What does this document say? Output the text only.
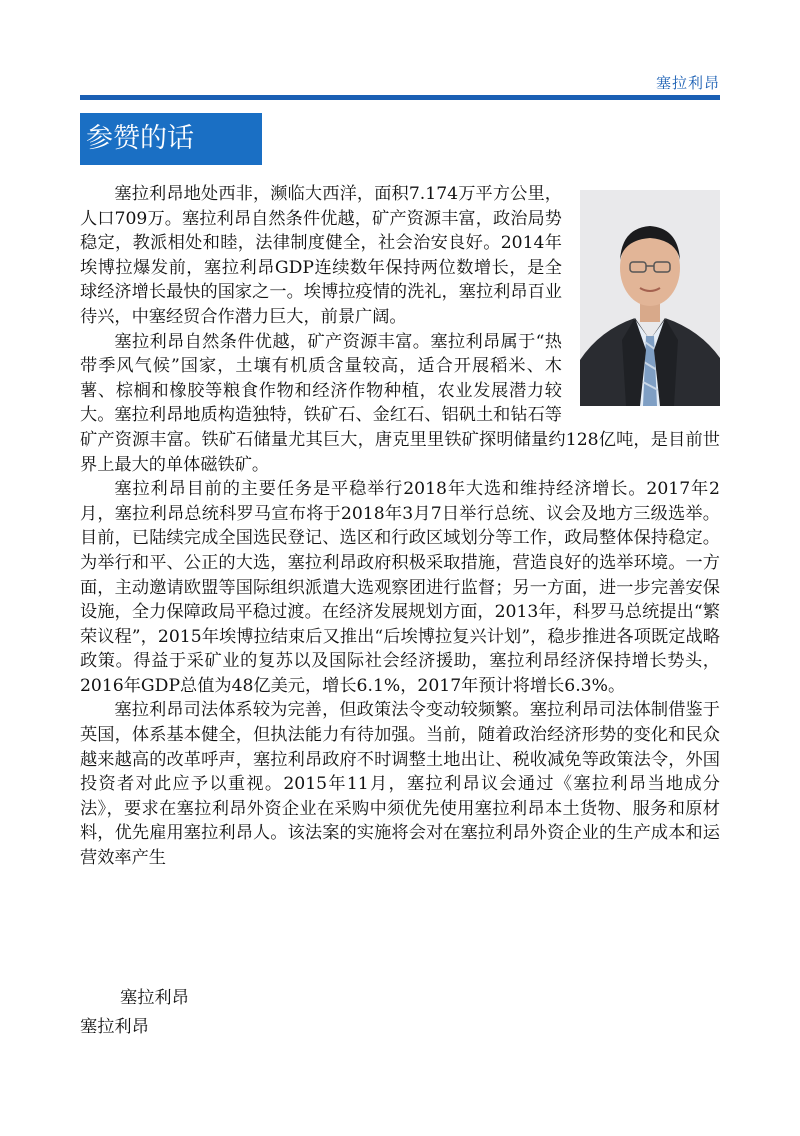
塞拉利昂
参赞的话

塞拉利昂地处西非，濒临大西洋，面积7.174万平方公里，人口709万。塞拉利昂自然条件优越，矿产资源丰富，政治局势稳定，教派相处和睦，法律制度健全，社会治安良好。2014年埃博拉爆发前，塞拉利昂GDP连续数年保持两位数增长，是全球经济增长最快的国家之一。埃博拉疫情的洗礼，塞拉利昂百业待兴，中塞经贸合作潜力巨大，前景广阔。

塞拉利昂自然条件优越，矿产资源丰富。塞拉利昂属于“热带季风气候”国家，土壤有机质含量较高，适合开展稻米、木薯、棕榈和橡胶等粮食作物和经济作物种植，农业发展潜力较大。塞拉利昂地质构造独特，铁矿石、金红石、铝矾土和钻石等矿产资源丰富。铁矿石储量尤其巨大，唐克里里铁矿探明储量约128亿吨，是目前世界上最大的单体磁铁矿。

塞拉利昂目前的主要任务是平稳举行2018年大选和维持经济增长。2017年2月，塞拉利昂总统科罗马宣布将于2018年3月7日举行总统、议会及地方三级选举。目前，已陆续完成全国选民登记、选区和行政区域划分等工作，政局整体保持稳定。为举行和平、公正的大选，塞拉利昂政府积极采取措施，营造良好的选举环境。一方面，主动邀请欧盟等国际组织派遣大选观察团进行监督；另一方面，进一步完善安保设施，全力保障政局平稳过渡。在经济发展规划方面，2013年，科罗马总统提出“繁荣议程”，2015年埃博拉结束后又推出“后埃博拉复兴计划”，稳步推进各项既定战略政策。得益于采矿业的复苏以及国际社会经济援助，塞拉利昂经济保持增长势头，2016年GDP总值为48亿美元，增长6.1%，2017年预计将增长6.3%。

塞拉利昂司法体系较为完善，但政策法令变动较频繁。塞拉利昂司法体制借鉴于英国，体系基本健全，但执法能力有待加强。当前，随着政治经济形势的变化和民众越来越高的改革呼声，塞拉利昂政府不时调整土地出让、税收减免等政策法令，外国投资者对此应予以重视。2015年11月，塞拉利昂议会通过《塞拉利昂当地成分法》，要求在塞拉利昂外资企业在采购中须优先使用塞拉利昂本土货物、服务和原材料，优先雇用塞拉利昂人。该法案的实施将会对在塞拉利昂外资企业的生产成本和运营效率产生

塞拉利昂
塞拉利昂
